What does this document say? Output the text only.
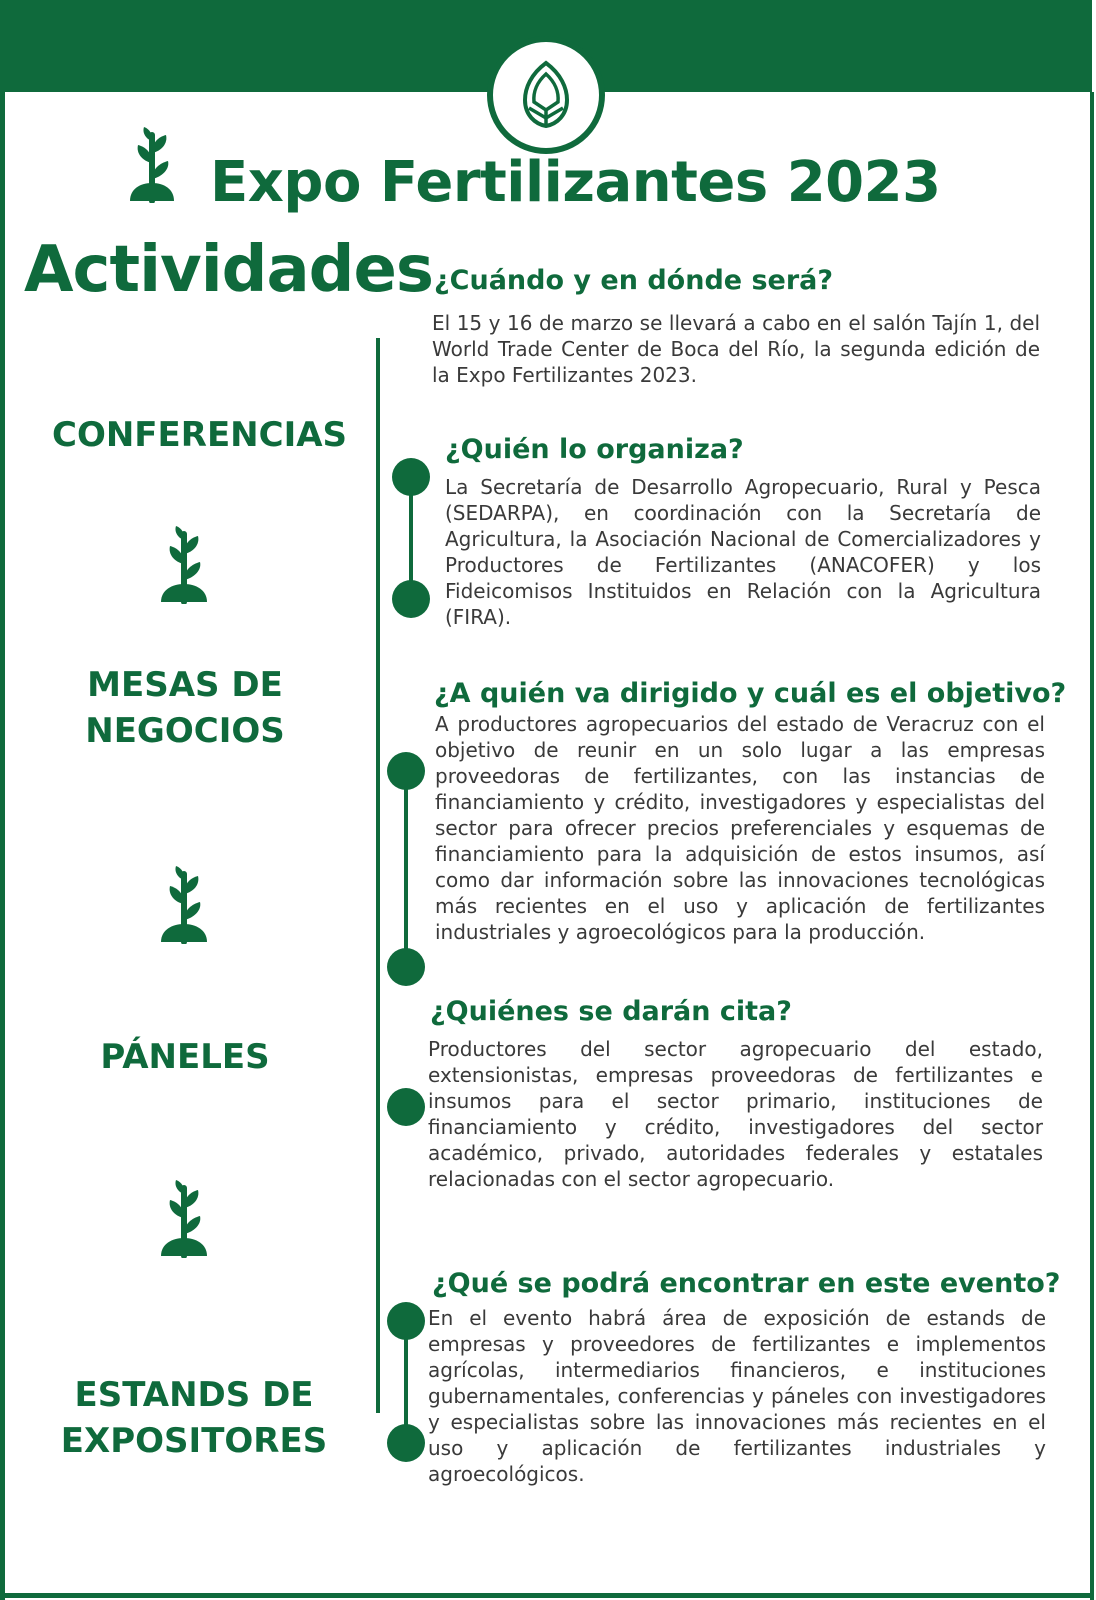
Expo Fertilizantes 2023
Actividades
CONFERENCIAS
MESAS DE NEGOCIOS
PÁNELES
ESTANDS DE EXPOSITORES
¿Cuándo y en dónde será?
El 15 y 16 de marzo se llevará a cabo en el salón Tajín 1, del World Trade Center de Boca del Río, la segunda edición de la Expo Fertilizantes 2023.
¿Quién lo organiza?
La Secretaría de Desarrollo Agropecuario, Rural y Pesca (SEDARPA), en coordinación con la Secretaría de Agricultura, la Asociación Nacional de Comercializadores y Productores de Fertilizantes (ANACOFER) y los Fideicomisos Instituidos en Relación con la Agricultura (FIRA).
¿A quién va dirigido y cuál es el objetivo?
A productores agropecuarios del estado de Veracruz con el objetivo de reunir en un solo lugar a las empresas proveedoras de fertilizantes, con las instancias de financiamiento y crédito, investigadores y especialistas del sector para ofrecer precios preferenciales y esquemas de financiamiento para la adquisición de estos insumos, así como dar información sobre las innovaciones tecnológicas más recientes en el uso y aplicación de fertilizantes industriales y agroecológicos para la producción.
¿Quiénes se darán cita?
Productores del sector agropecuario del estado, extensionistas, empresas proveedoras de fertilizantes e insumos para el sector primario, instituciones de financiamiento y crédito, investigadores del sector académico, privado, autoridades federales y estatales relacionadas con el sector agropecuario.
¿Qué se podrá encontrar en este evento?
En el evento habrá área de exposición de estands de empresas y proveedores de fertilizantes e implementos agrícolas, intermediarios financieros, e instituciones gubernamentales, conferencias y páneles con investigadores y especialistas sobre las innovaciones más recientes en el uso y aplicación de fertilizantes industriales y agroecológicos.
